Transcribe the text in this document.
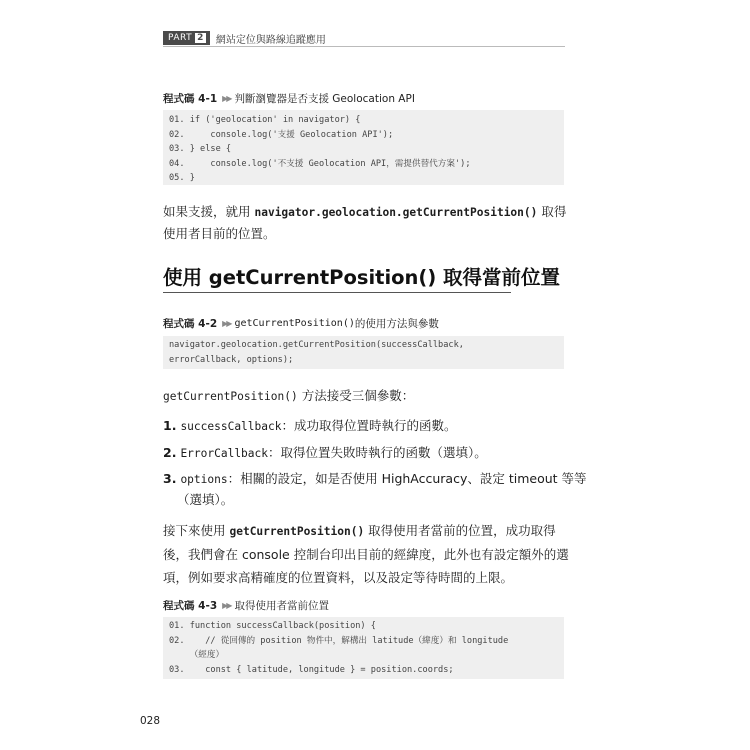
PART 2 網站定位與路線追蹤應用
程式碼 4-1 ▶▶ 判斷瀏覽器是否支援 Geolocation API
01. if ('geolocation' in navigator) {
02.     console.log('支援 Geolocation API');
03. } else {
04.     console.log('不支援 Geolocation API，需提供替代方案');
05. }
如果支援，就用 navigator.geolocation.getCurrentPosition() 取得
使用者目前的位置。
使用 getCurrentPosition() 取得當前位置
程式碼 4-2 ▶▶ getCurrentPosition() 的使用方法與參數
navigator.geolocation.getCurrentPosition(successCallback,
errorCallback, options);
getCurrentPosition() 方法接受三個參數：
1. successCallback：成功取得位置時執行的函數。
2. ErrorCallback：取得位置失敗時執行的函數（選填）。
3. options：相關的設定，如是否使用 HighAccuracy、設定 timeout 等等
（選填）。
接下來使用 getCurrentPosition() 取得使用者當前的位置，成功取得
後，我們會在 console 控制台印出目前的經緯度，此外也有設定額外的選
項，例如要求高精確度的位置資料，以及設定等待時間的上限。
程式碼 4-3 ▶▶ 取得使用者當前位置
01. function successCallback(position) {
02.    // 從回傳的 position 物件中，解構出 latitude（緯度）和 longitude
（經度）
03.    const { latitude, longitude } = position.coords;
028
